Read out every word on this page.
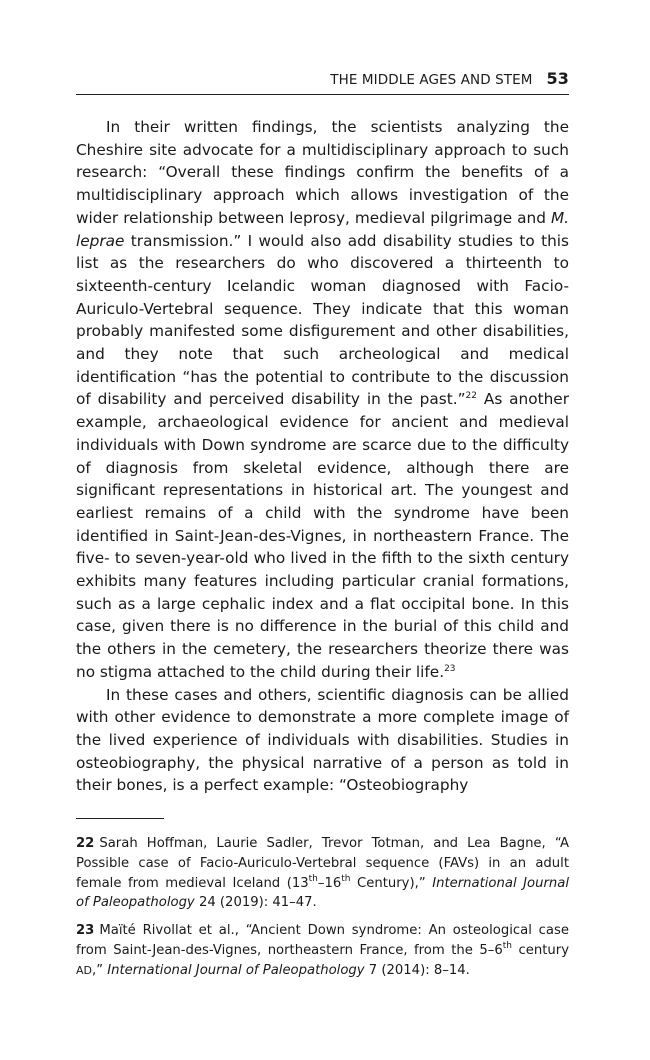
THE MIDDLE AGES AND STEM 53

In their written findings, the scientists analyzing the Cheshire site advocate for a multidisciplinary approach to such research: “Overall these findings confirm the benefits of a multidisciplinary approach which allows investigation of the wider relationship between leprosy, medieval pilgrimage and M. leprae transmission.” I would also add disability studies to this list as the researchers do who discovered a thirteenth to sixteenth-century Icelandic woman diagnosed with Facio-Auriculo-Vertebral sequence. They indicate that this woman probably manifested some disfigurement and other disabilities, and they note that such archeological and medical identification “has the potential to contribute to the discussion of disability and perceived disability in the past.”$^{22}$ As another example, archaeological evidence for ancient and medieval individuals with Down syndrome are scarce due to the difficulty of diagnosis from skeletal evidence, although there are significant representations in historical art. The youngest and earliest remains of a child with the syndrome have been identified in Saint-Jean-des-Vignes, in northeastern France. The five- to seven-year-old who lived in the fifth to the sixth century exhibits many features including particular cranial formations, such as a large cephalic index and a flat occipital bone. In this case, given there is no difference in the burial of this child and the others in the cemetery, the researchers theorize there was no stigma attached to the child during their life.$^{23}$

In these cases and others, scientific diagnosis can be allied with other evidence to demonstrate a more complete image of the lived experience of individuals with disabilities. Studies in osteobiography, the physical narrative of a person as told in their bones, is a perfect example: “Osteobiography

22 Sarah Hoffman, Laurie Sadler, Trevor Totman, and Lea Bagne, “A Possible case of Facio-Auriculo-Vertebral sequence (FAVs) in an adult female from medieval Iceland (13th–16th Century),” International Journal of Paleopathology 24 (2019): 41–47.

23 Maïté Rivollat et al., “Ancient Down syndrome: An osteological case from Saint-Jean-des-Vignes, northeastern France, from the 5–6th century AD,” International Journal of Paleopathology 7 (2014): 8–14.
